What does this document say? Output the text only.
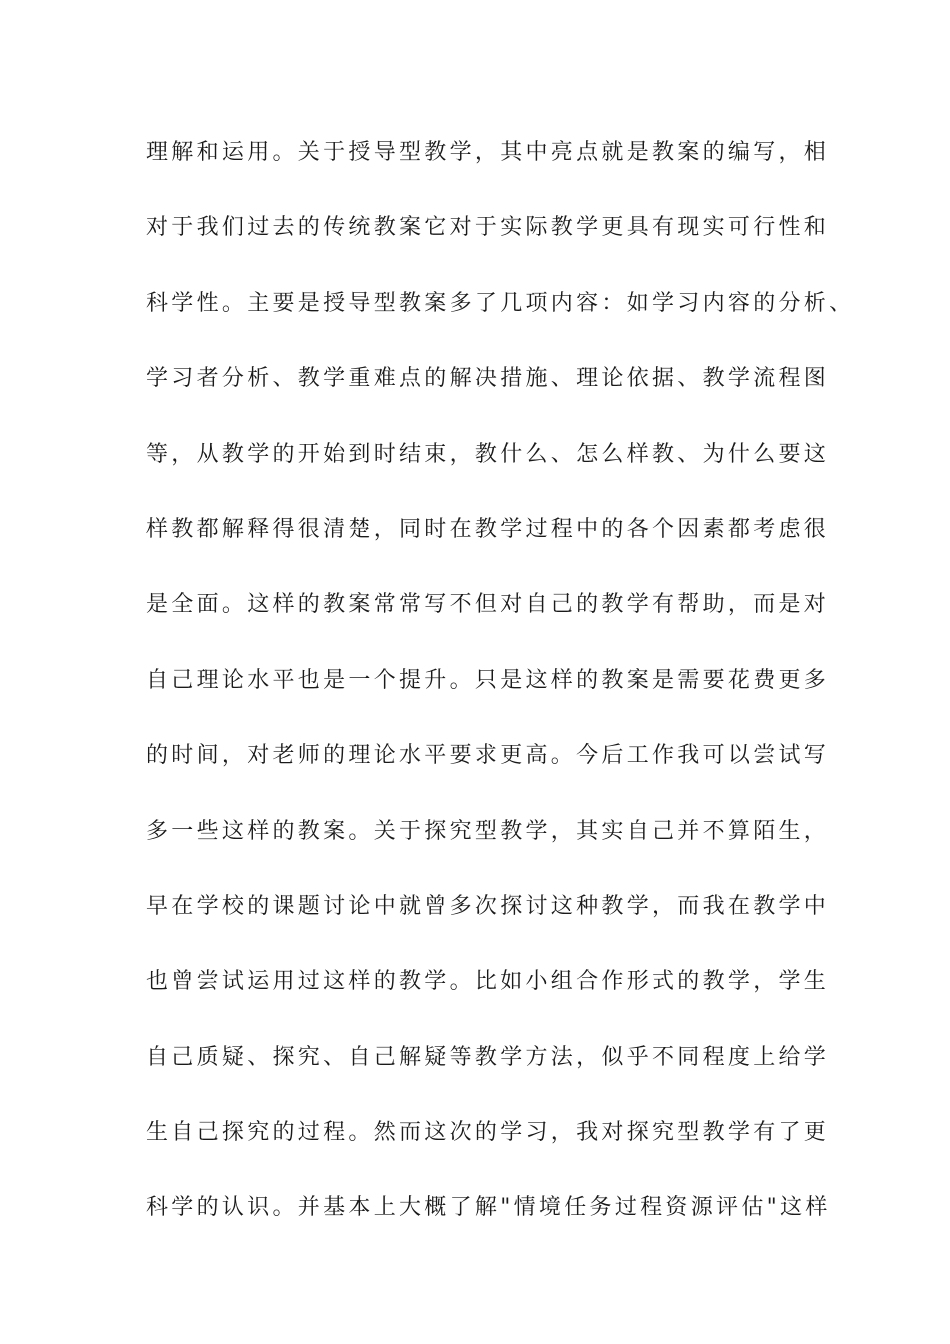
理解和运用。关于授导型教学，其中亮点就是教案的编写，相
对于我们过去的传统教案它对于实际教学更具有现实可行性和
科学性。主要是授导型教案多了几项内容：如学习内容的分析、
学习者分析、教学重难点的解决措施、理论依据、教学流程图
等，从教学的开始到时结束，教什么、怎么样教、为什么要这
样教都解释得很清楚，同时在教学过程中的各个因素都考虑很
是全面。这样的教案常常写不但对自己的教学有帮助，而是对
自己理论水平也是一个提升。只是这样的教案是需要花费更多
的时间，对老师的理论水平要求更高。今后工作我可以尝试写
多一些这样的教案。关于探究型教学，其实自己并不算陌生，
早在学校的课题讨论中就曾多次探讨这种教学，而我在教学中
也曾尝试运用过这样的教学。比如小组合作形式的教学，学生
自己质疑、探究、自己解疑等教学方法，似乎不同程度上给学
生自己探究的过程。然而这次的学习，我对探究型教学有了更
科学的认识。并基本上大概了解"情境任务过程资源评估"这样
